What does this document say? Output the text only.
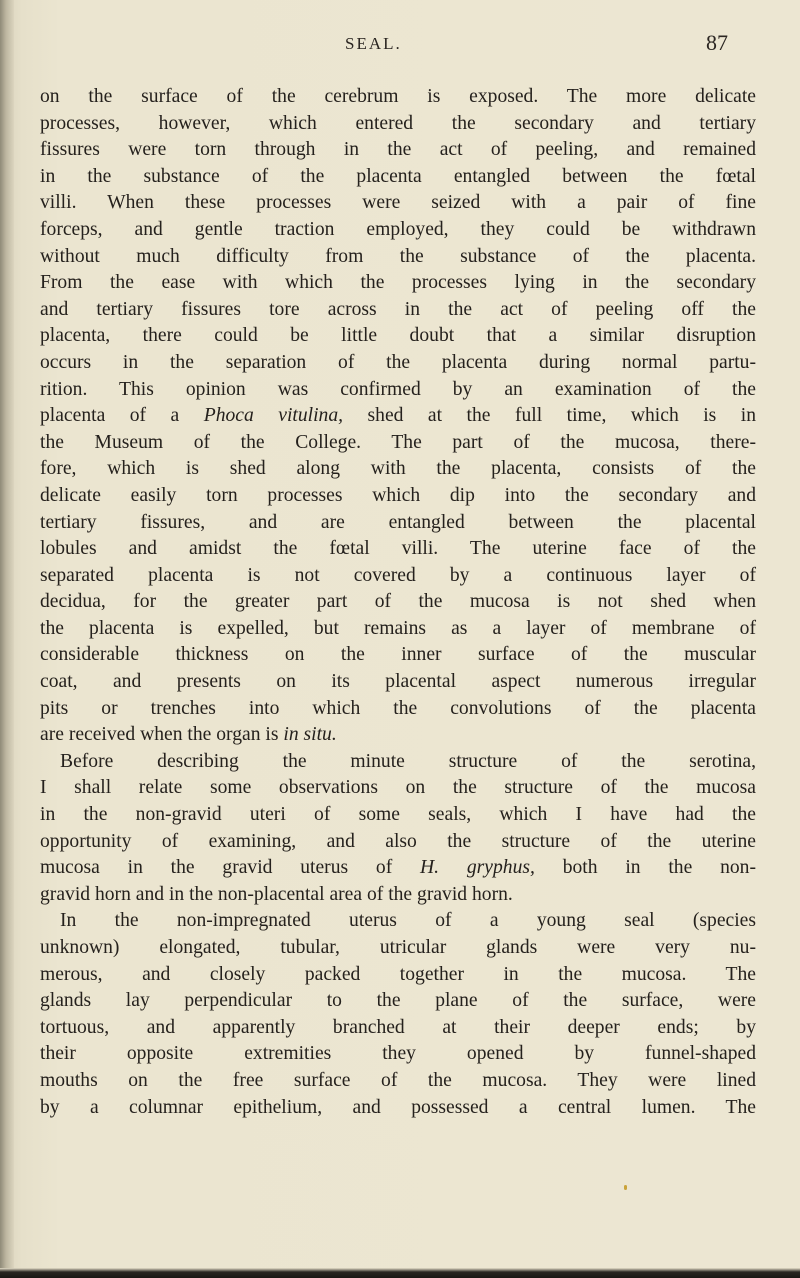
SEAL.	87
on the surface of the cerebrum is exposed. The more delicate
processes, however, which entered the secondary and tertiary
fissures were torn through in the act of peeling, and remained
in the substance of the placenta entangled between the fœtal
villi. When these processes were seized with a pair of fine
forceps, and gentle traction employed, they could be withdrawn
without much difficulty from the substance of the placenta.
From the ease with which the processes lying in the secondary
and tertiary fissures tore across in the act of peeling off the
placenta, there could be little doubt that a similar disruption
occurs in the separation of the placenta during normal partu-
rition. This opinion was confirmed by an examination of the
placenta of a Phoca vitulina, shed at the full time, which is in
the Museum of the College. The part of the mucosa, there-
fore, which is shed along with the placenta, consists of the
delicate easily torn processes which dip into the secondary and
tertiary fissures, and are entangled between the placental
lobules and amidst the fœtal villi. The uterine face of the
separated placenta is not covered by a continuous layer of
decidua, for the greater part of the mucosa is not shed when
the placenta is expelled, but remains as a layer of membrane of
considerable thickness on the inner surface of the muscular
coat, and presents on its placental aspect numerous irregular
pits or trenches into which the convolutions of the placenta
are received when the organ is in situ.
Before describing the minute structure of the serotina,
I shall relate some observations on the structure of the mucosa
in the non-gravid uteri of some seals, which I have had the
opportunity of examining, and also the structure of the uterine
mucosa in the gravid uterus of H. gryphus, both in the non-
gravid horn and in the non-placental area of the gravid horn.
In the non-impregnated uterus of a young seal (species
unknown) elongated, tubular, utricular glands were very nu-
merous, and closely packed together in the mucosa. The
glands lay perpendicular to the plane of the surface, were
tortuous, and apparently branched at their deeper ends; by
their opposite extremities they opened by funnel-shaped
mouths on the free surface of the mucosa. They were lined
by a columnar epithelium, and possessed a central lumen. The
